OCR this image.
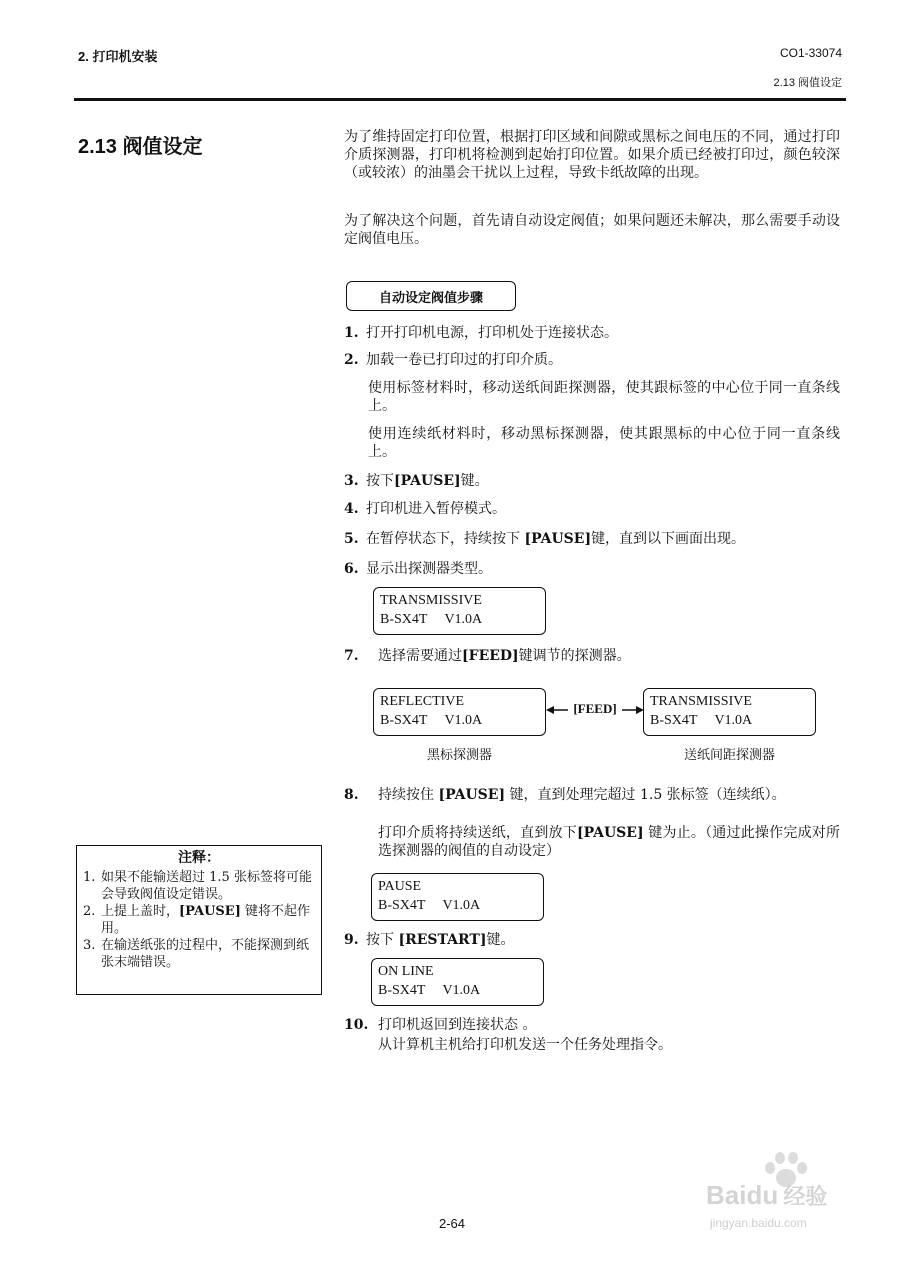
2. 打印机安装	CO1-33074
2.13 阀值设定
2.13 阀值设定	为了维持固定打印位置，根据打印区域和间隙或黑标之间电压的不同，通过打印介质探测器，打印机将检测到起始打印位置。如果介质已经被打印过，颜色较深（或较浓）的油墨会干扰以上过程，导致卡纸故障的出现。
为了解决这个问题，首先请自动设定阀值；如果问题还未解决，那么需要手动设定阀值电压。
自动设定阀值步骤
1. 打开打印机电源，打印机处于连接状态。
2. 加载一卷已打印过的打印介质。
使用标签材料时，移动送纸间距探测器，使其跟标签的中心位于同一直条线上。
使用连续纸材料时，移动黑标探测器，使其跟黑标的中心位于同一直条线上。
3. 按下[PAUSE]键。
4. 打印机进入暂停模式。
5. 在暂停状态下，持续按下 [PAUSE]键，直到以下画面出现。
6. 显示出探测器类型。
TRANSMISSIVE
B-SX4T     V1.0A
7. 选择需要通过[FEED]键调节的探测器。
REFLECTIVE
B-SX4T     V1.0A
[FEED]	TRANSMISSIVE
B-SX4T     V1.0A
黑标探测器	送纸间距探测器
8. 持续按住 [PAUSE] 键，直到处理完超过 1.5 张标签（连续纸）。
打印介质将持续送纸，直到放下[PAUSE] 键为止。（通过此操作完成对所选探测器的阀值的自动设定）
PAUSE
B-SX4T     V1.0A
9. 按下 [RESTART]键。
ON LINE
B-SX4T     V1.0A
10. 打印机返回到连接状态 。
从计算机主机给打印机发送一个任务处理指令。
注释：
1. 如果不能输送超过 1.5 张标签将可能会导致阀值设定错误。
2. 上提上盖时，[PAUSE] 键将不起作用。
3. 在输送纸张的过程中，不能探测到纸张末端错误。
Baidu 经验
jingyan.baidu.com
2-64
